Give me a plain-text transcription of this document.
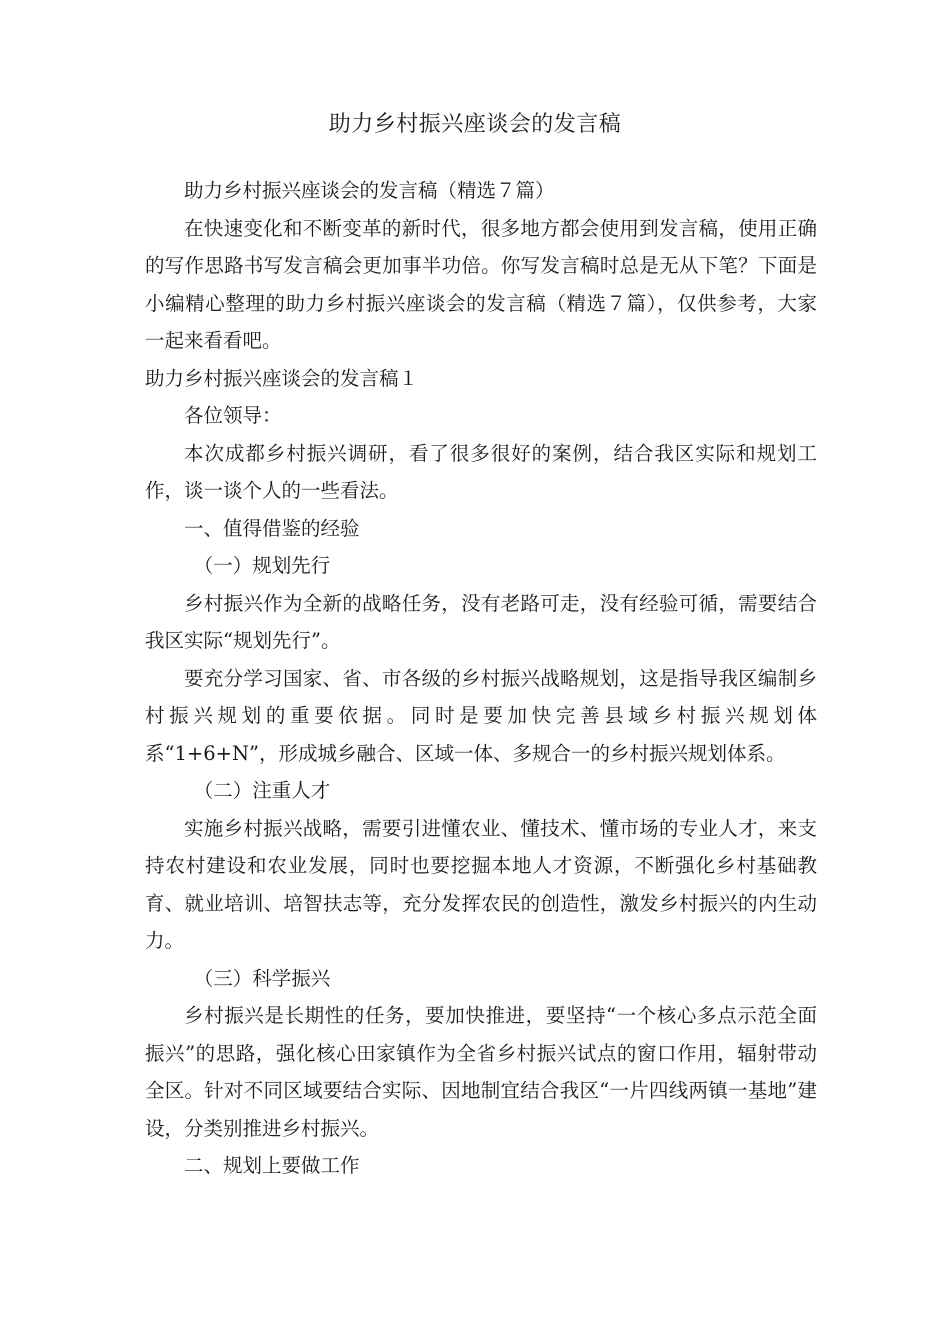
助力乡村振兴座谈会的发言稿

助力乡村振兴座谈会的发言稿（精选７篇）

在快速变化和不断变革的新时代，很多地方都会使用到发言稿，使用正确的写作思路书写发言稿会更加事半功倍。你写发言稿时总是无从下笔？下面是小编精心整理的助力乡村振兴座谈会的发言稿（精选７篇），仅供参考，大家一起来看看吧。

助力乡村振兴座谈会的发言稿１

各位领导：

本次成都乡村振兴调研，看了很多很好的案例，结合我区实际和规划工作，谈一谈个人的一些看法。

一、值得借鉴的经验

（一）规划先行

乡村振兴作为全新的战略任务，没有老路可走，没有经验可循，需要结合我区实际“规划先行”。

要充分学习国家、省、市各级的乡村振兴战略规划，这是指导我区编制乡村振兴规划的重要依据。同时是要加快完善县域乡村振兴规划体系“1+6+N”，形成城乡融合、区域一体、多规合一的乡村振兴规划体系。

（二）注重人才

实施乡村振兴战略，需要引进懂农业、懂技术、懂市场的专业人才，来支持农村建设和农业发展，同时也要挖掘本地人才资源，不断强化乡村基础教育、就业培训、培智扶志等，充分发挥农民的创造性，激发乡村振兴的内生动力。

（三）科学振兴

乡村振兴是长期性的任务，要加快推进，要坚持“一个核心多点示范全面振兴”的思路，强化核心田家镇作为全省乡村振兴试点的窗口作用，辐射带动全区。针对不同区域要结合实际、因地制宜结合我区“一片四线两镇一基地”建设，分类别推进乡村振兴。

二、规划上要做工作
